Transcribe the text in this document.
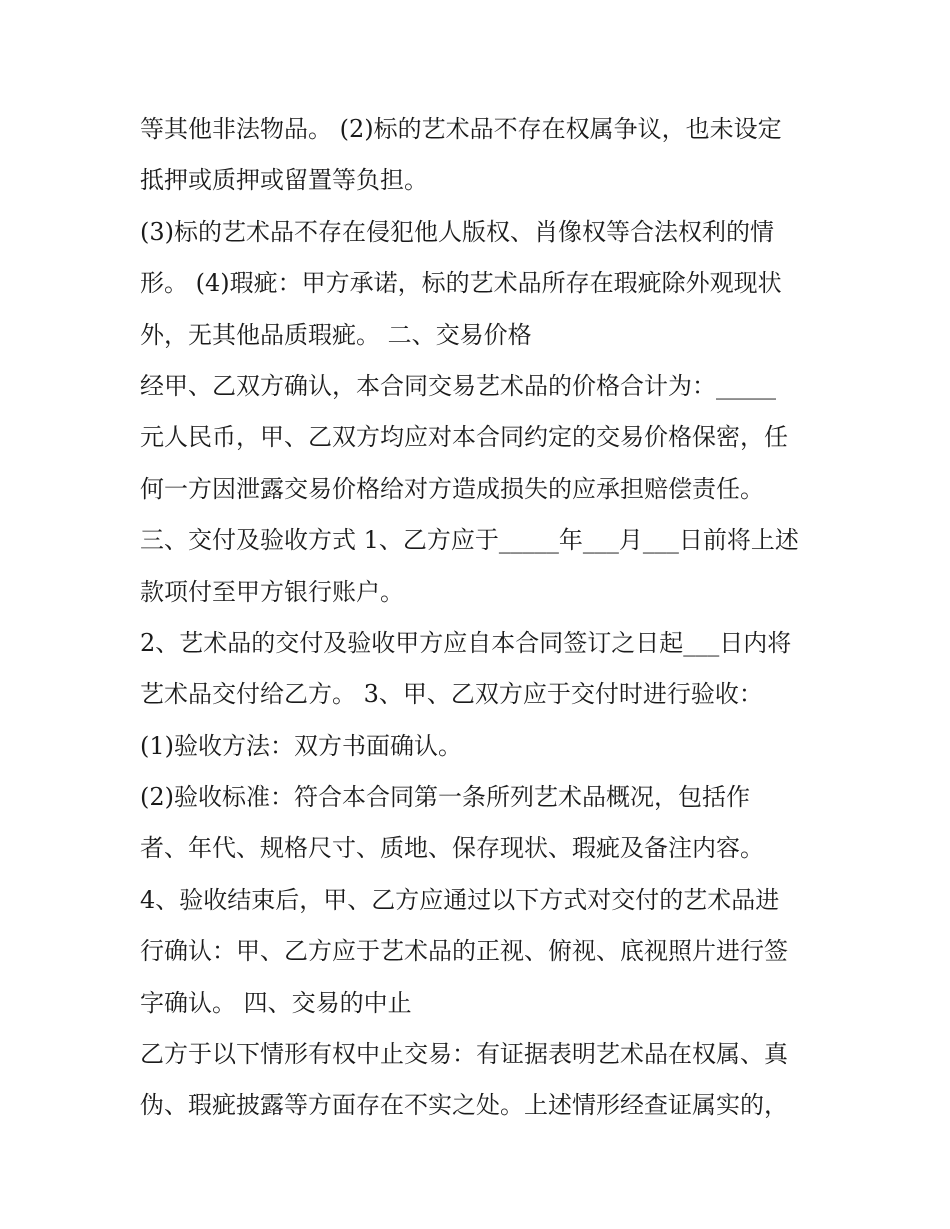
等其他非法物品。 (2)标的艺术品不存在权属争议，也未设定
抵押或质押或留置等负担。
(3)标的艺术品不存在侵犯他人版权、肖像权等合法权利的情
形。 (4)瑕疵：甲方承诺，标的艺术品所存在瑕疵除外观现状
外，无其他品质瑕疵。 二、交易价格
经甲、乙双方确认，本合同交易艺术品的价格合计为：_____
元人民币，甲、乙双方均应对本合同约定的交易价格保密，任
何一方因泄露交易价格给对方造成损失的应承担赔偿责任。
三、交付及验收方式 1、乙方应于_____年___月___日前将上述
款项付至甲方银行账户。
2、艺术品的交付及验收甲方应自本合同签订之日起___日内将
艺术品交付给乙方。 3、甲、乙双方应于交付时进行验收：
(1)验收方法：双方书面确认。
(2)验收标准：符合本合同第一条所列艺术品概况，包括作
者、年代、规格尺寸、质地、保存现状、瑕疵及备注内容。
4、验收结束后，甲、乙方应通过以下方式对交付的艺术品进
行确认：甲、乙方应于艺术品的正视、俯视、底视照片进行签
字确认。 四、交易的中止
乙方于以下情形有权中止交易：有证据表明艺术品在权属、真
伪、瑕疵披露等方面存在不实之处。上述情形经查证属实的，
